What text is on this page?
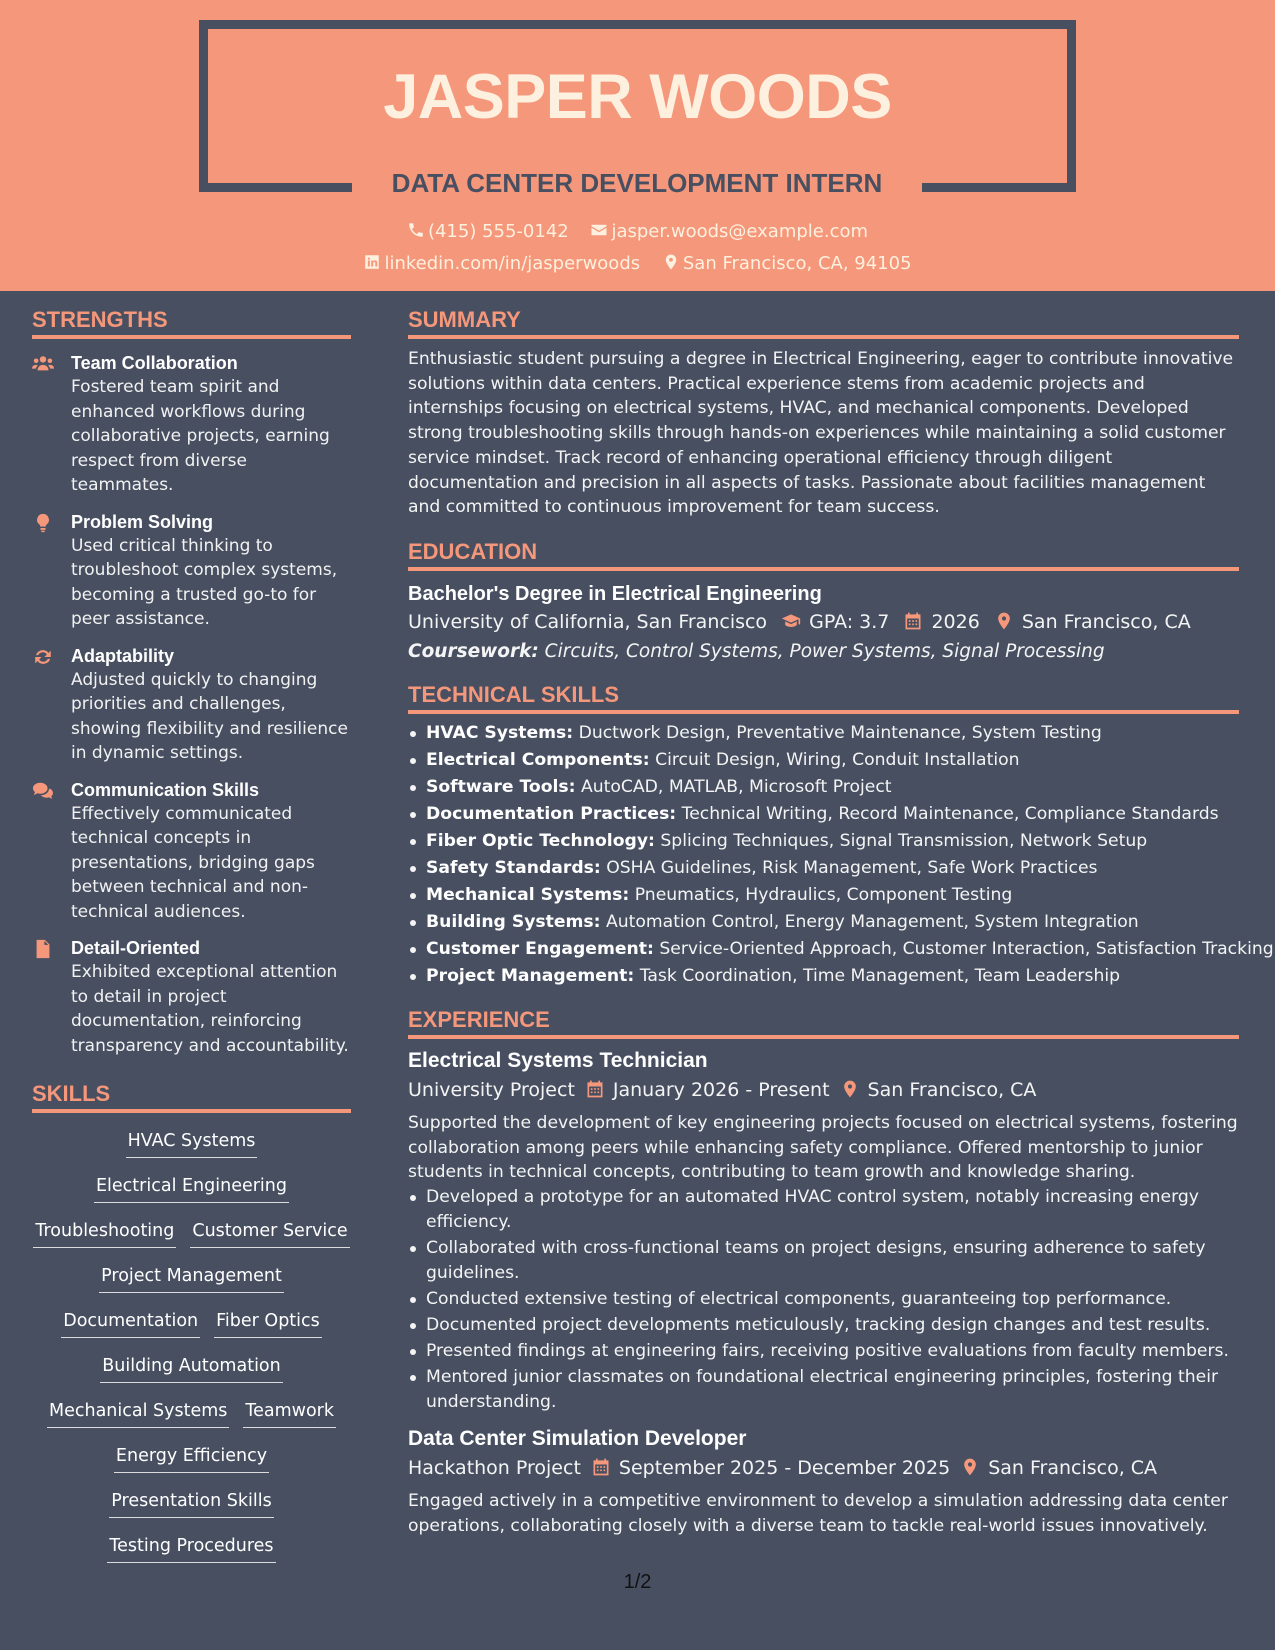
JASPER WOODS
DATA CENTER DEVELOPMENT INTERN
(415) 555-0142 jasper.woods@example.com
linkedin.com/in/jasperwoods San Francisco, CA, 94105
STRENGTHS
Team Collaboration
Fostered team spirit and enhanced workflows during collaborative projects, earning respect from diverse teammates.
Problem Solving
Used critical thinking to troubleshoot complex systems, becoming a trusted go-to for peer assistance.
Adaptability
Adjusted quickly to changing priorities and challenges, showing flexibility and resilience in dynamic settings.
Communication Skills
Effectively communicated technical concepts in presentations, bridging gaps between technical and non-technical audiences.
Detail-Oriented
Exhibited exceptional attention to detail in project documentation, reinforcing transparency and accountability.
SKILLS
HVAC Systems
Electrical Engineering
Troubleshooting Customer Service
Project Management
Documentation Fiber Optics
Building Automation
Mechanical Systems Teamwork
Energy Efficiency
Presentation Skills
Testing Procedures
SUMMARY

Enthusiastic student pursuing a degree in Electrical Engineering, eager to contribute innovative solutions within data centers. Practical experience stems from academic projects and internships focusing on electrical systems, HVAC, and mechanical components. Developed strong troubleshooting skills through hands-on experiences while maintaining a solid customer service mindset. Track record of enhancing operational efficiency through diligent documentation and precision in all aspects of tasks. Passionate about facilities management and committed to continuous improvement for team success.

EDUCATION
Bachelor's Degree in Electrical Engineering
University of California, San Francisco GPA: 3.7 2026 San Francisco, CA
Coursework: Circuits, Control Systems, Power Systems, Signal Processing
TECHNICAL SKILLS
HVAC Systems: Ductwork Design, Preventative Maintenance, System Testing
Electrical Components: Circuit Design, Wiring, Conduit Installation
Software Tools: AutoCAD, MATLAB, Microsoft Project
Documentation Practices: Technical Writing, Record Maintenance, Compliance Standards
Fiber Optic Technology: Splicing Techniques, Signal Transmission, Network Setup
Safety Standards: OSHA Guidelines, Risk Management, Safe Work Practices
Mechanical Systems: Pneumatics, Hydraulics, Component Testing
Building Systems: Automation Control, Energy Management, System Integration
Customer Engagement: Service-Oriented Approach, Customer Interaction, Satisfaction Tracking
Project Management: Task Coordination, Time Management, Team Leadership
EXPERIENCE
Electrical Systems Technician
University Project January 2026 - Present San Francisco, CA

Supported the development of key engineering projects focused on electrical systems, fostering collaboration among peers while enhancing safety compliance. Offered mentorship to junior students in technical concepts, contributing to team growth and knowledge sharing.

Developed a prototype for an automated HVAC control system, notably increasing energy efficiency.
Collaborated with cross-functional teams on project designs, ensuring adherence to safety guidelines.
Conducted extensive testing of electrical components, guaranteeing top performance.
Documented project developments meticulously, tracking design changes and test results.
Presented findings at engineering fairs, receiving positive evaluations from faculty members.
Mentored junior classmates on foundational electrical engineering principles, fostering their understanding.
Data Center Simulation Developer
Hackathon Project September 2025 - December 2025 San Francisco, CA

Engaged actively in a competitive environment to develop a simulation addressing data center operations, collaborating closely with a diverse team to tackle real-world issues innovatively.

1/2
